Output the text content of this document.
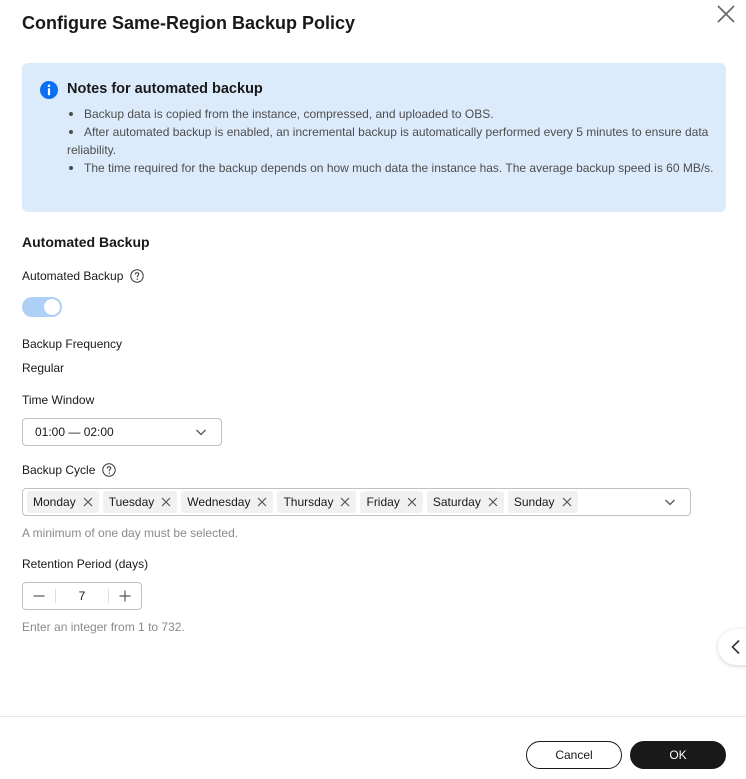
Configure Same-Region Backup Policy
Notes for automated backup
Backup data is copied from the instance, compressed, and uploaded to OBS.
After automated backup is enabled, an incremental backup is automatically performed every 5 minutes to ensure data reliability.
The time required for the backup depends on how much data the instance has. The average backup speed is 60 MB/s.
Automated Backup
Automated Backup
Backup Frequency
Regular
Time Window
01:00 — 02:00
Backup Cycle
Monday	Tuesday	Wednesday	Thursday	Friday	Saturday	Sunday
A minimum of one day must be selected.
Retention Period (days)
7
Enter an integer from 1 to 732.
Cancel	OK
